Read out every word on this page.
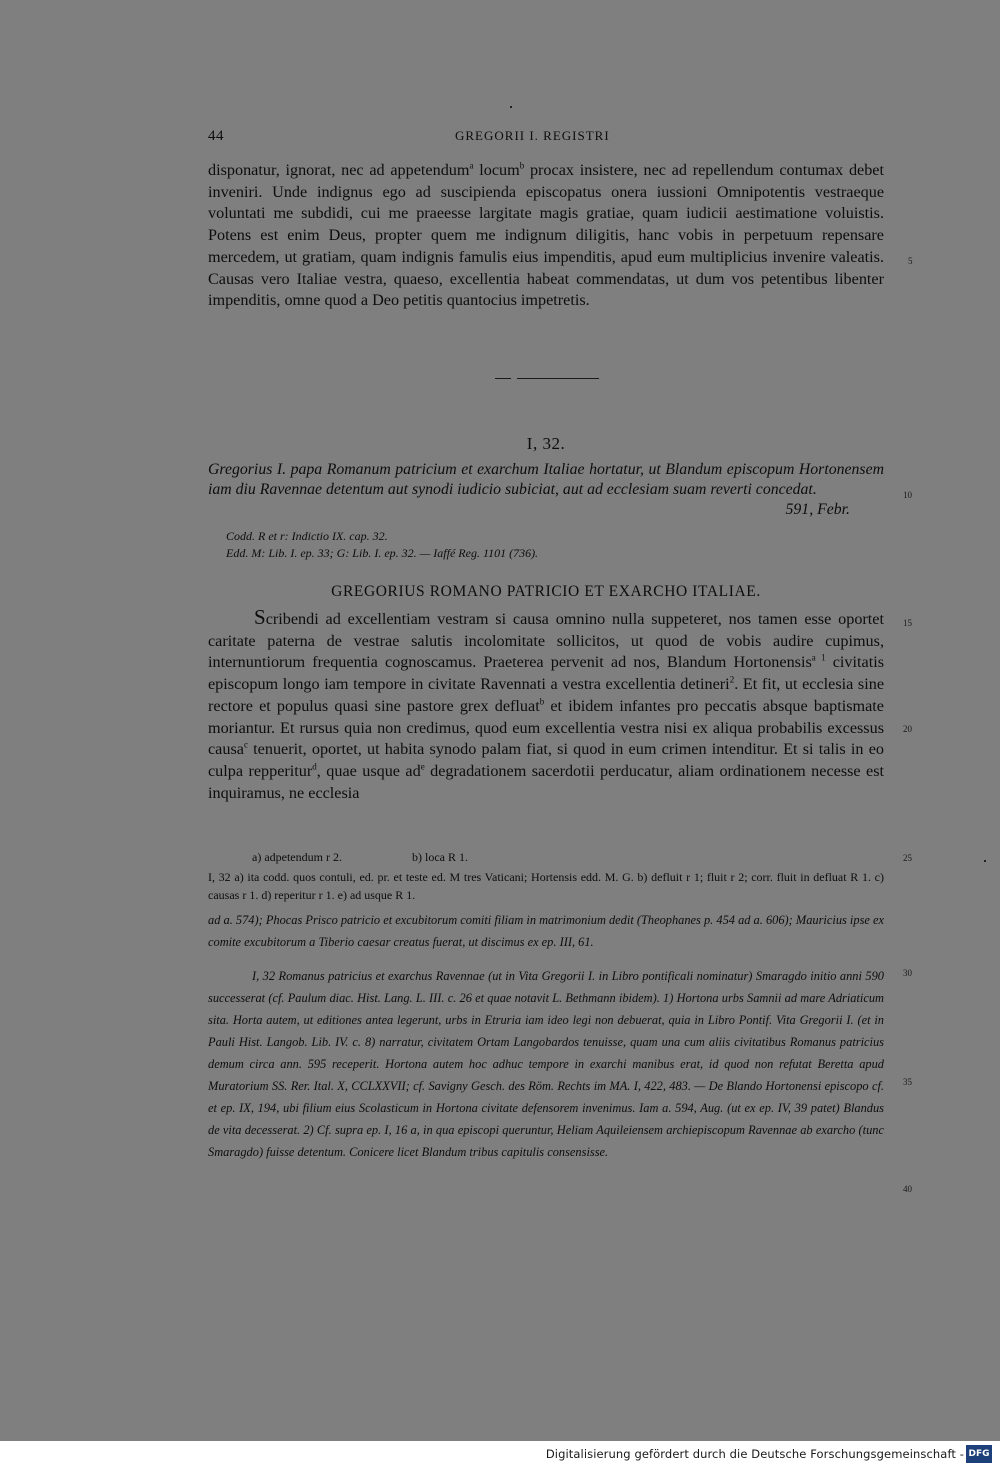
44	GREGORII I. REGISTRI

disponatur, ignorat, nec ad appetendum$^a$ locum$^b$ procax insistere, nec ad repellendum contumax debet inveniri. Unde indignus ego ad suscipienda episcopatus onera iussioni Omnipotentis vestraeque voluntati me subdidi, cui me praeesse largitate magis gratiae, quam iudicii aestimatione voluistis. Potens est enim Deus, propter quem me indignum diligitis, hanc vobis in perpetuum repensare mercedem, ut gratiam, quam indignis famulis eius impenditis, apud eum multiplicius invenire valeatis. Causas vero Italiae vestra, quaeso, excellentia habeat commendatas, ut dum vos petentibus libenter impenditis, omne quod a Deo petitis quantocius impetretis.

I, 32.

Gregorius I. papa Romanum patricium et exarchum Italiae hortatur, ut Blandum episcopum Hortonensem iam diu Ravennae detentum aut synodi iudicio subiciat, aut ad ecclesiam suam reverti concedat.
591, Febr.

Codd. R et r: Indictio IX. cap. 32.

Edd. M: Lib. I. ep. 33; G: Lib. I. ep. 32. — Iaffé Reg. 1101 (736).

GREGORIUS ROMANO PATRICIO ET EXARCHO ITALIAE.

Scribendi ad excellentiam vestram si causa omnino nulla suppeteret, nos tamen esse oportet caritate paterna de vestrae salutis incolomitate sollicitos, ut quod de vobis audire cupimus, internuntiorum frequentia cognoscamus. Praeterea pervenit ad nos, Blandum Hortonensis$^{a 1}$ civitatis episcopum longo iam tempore in civitate Ravennati a vestra excellentia detineri$^2$. Et fit, ut ecclesia sine rectore et populus quasi sine pastore grex defluat$^b$ et ibidem infantes pro peccatis absque baptismate moriantur. Et rursus quia non credimus, quod eum excellentia vestra nisi ex aliqua probabilis excessus causa$^c$ tenuerit, oportet, ut habita synodo palam fiat, si quod in eum crimen intenditur. Et si talis in eo culpa repperitur$^d$, quae usque $ad^e$ degradationem sacerdotii perducatur, aliam ordinationem necesse est inquiramus, ne ecclesia

5
10
15
20
25
30
35
40
a) adpetendum r 2.	b) loca R 1.

I, 32 a) ita codd. quos contuli, ed. pr. et teste ed. M tres Vaticani; Hortensis edd. M. G. b) defluit r 1; fluit r 2; corr. fluit in defluat R 1. c) causas r 1. d) reperitur r 1. e) ad usque R 1.

ad a. 574); Phocas Prisco patricio et excubitorum comiti filiam in matrimonium dedit (Theophanes p. 454 ad a. 606); Mauricius ipse ex comite excubitorum a Tiberio caesar creatus fuerat, ut discimus ex ep. III, 61.

I, 32 Romanus patricius et exarchus Ravennae (ut in Vita Gregorii I. in Libro pontificali nominatur) Smaragdo initio anni 590 successerat (cf. Paulum diac. Hist. Lang. L. III. c. 26 et quae notavit L. Bethmann ibidem). 1) Hortona urbs Samnii ad mare Adriaticum sita. Horta autem, ut editiones antea legerunt, urbs in Etruria iam ideo legi non debuerat, quia in Libro Pontif. Vita Gregorii I. (et in Pauli Hist. Langob. Lib. IV. c. 8) narratur, civitatem Ortam Langobardos tenuisse, quam una cum aliis civitatibus Romanus patricius demum circa ann. 595 receperit. Hortona autem hoc adhuc tempore in exarchi manibus erat, id quod non refutat Beretta apud Muratorium SS. Rer. Ital. X, CCLXXVII; cf. Savigny Gesch. des Röm. Rechts im MA. I, 422, 483. — De Blando Hortonensi episcopo cf. et ep. IX, 194, ubi filium eius Scolasticum in Hortona civitate defensorem invenimus. Iam a. 594, Aug. (ut ex ep. IV, 39 patet) Blandus de vita decesserat. 2) Cf. supra ep. I, 16 a, in qua episcopi queruntur, Heliam Aquileiensem archiepiscopum Ravennae ab exarcho (tunc Smaragdo) fuisse detentum. Conicere licet Blandum tribus capitulis consensisse.

Digitalisierung gefördert durch die Deutsche Forschungsgemeinschaft - DFG
